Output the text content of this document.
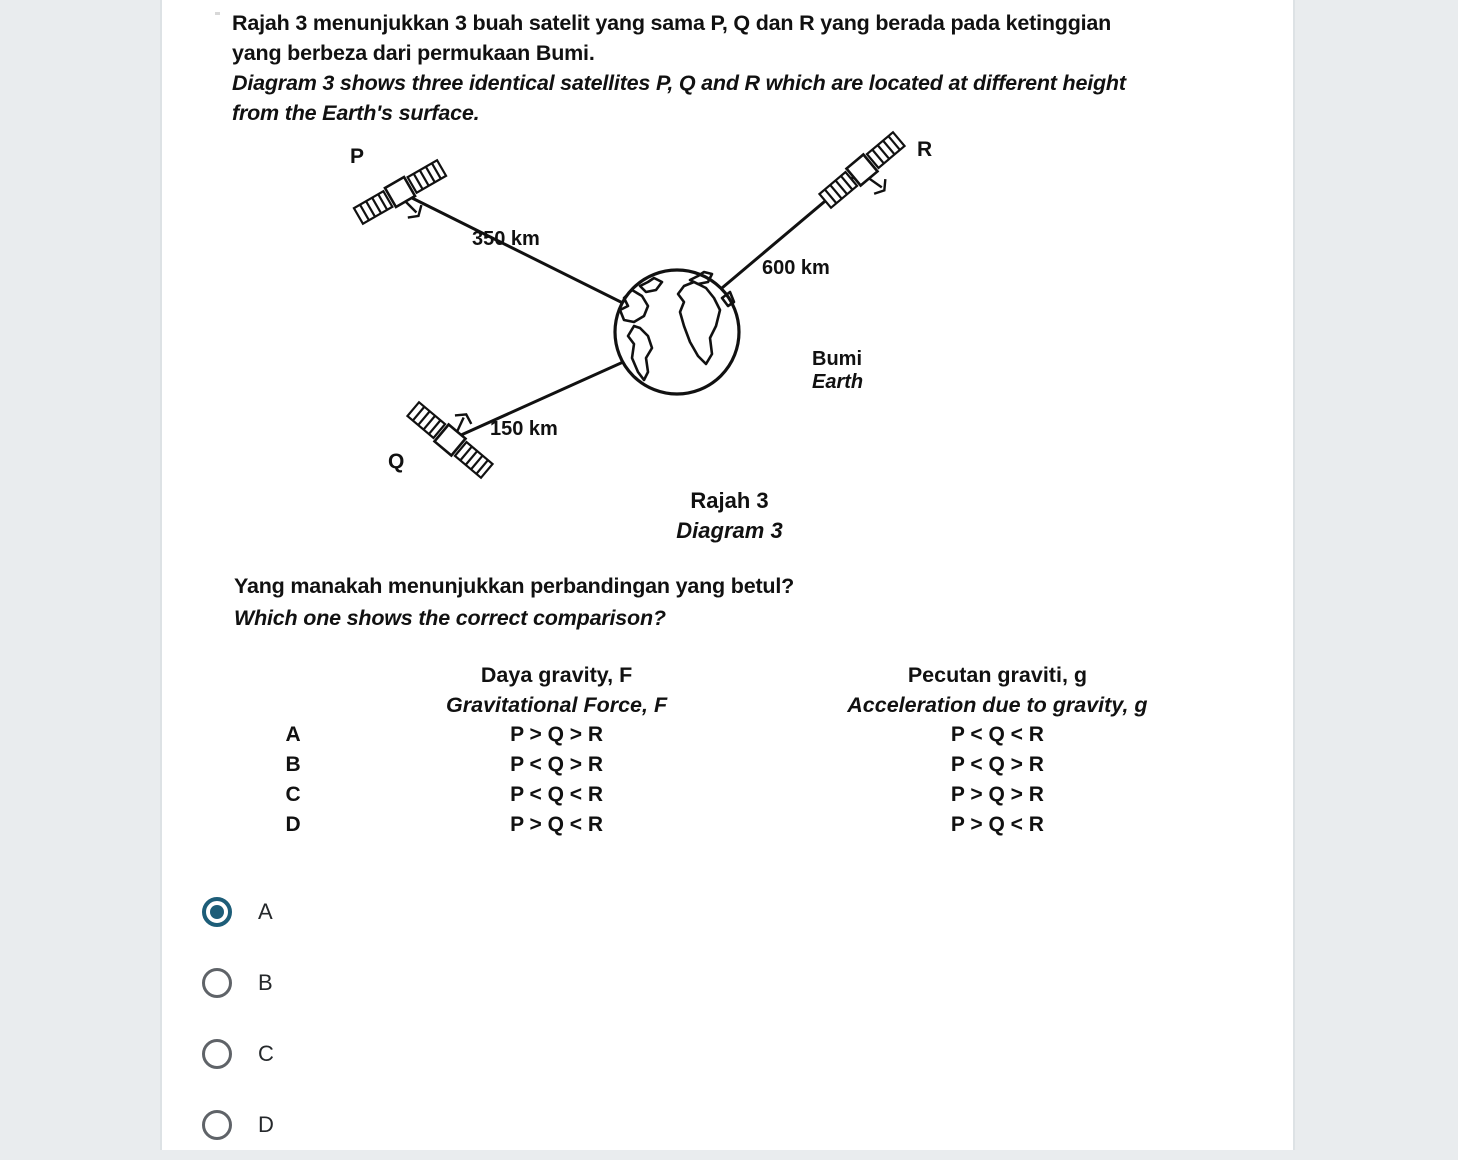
Rajah 3 menunjukkan 3 buah satelit yang sama P, Q dan R yang berada pada ketinggian yang berbeza dari permukaan Bumi.
Diagram 3 shows three identical satellites P, Q and R which are located at different height from the Earth's surface.
P
Q
R
350 km
150 km
600 km
Bumi
Earth
Rajah 3
Diagram 3
Yang manakah menunjukkan perbandingan yang betul?
Which one shows the correct comparison?

Daya gravity, F
Gravitational Force, F

Pecutan graviti, g
Acceleration due to gravity, g

A	P > Q > R	P < Q < R
B	P < Q > R	P < Q > R
C	P < Q < R	P > Q > R
D	P > Q < R	P > Q < R
A
B
C
D
